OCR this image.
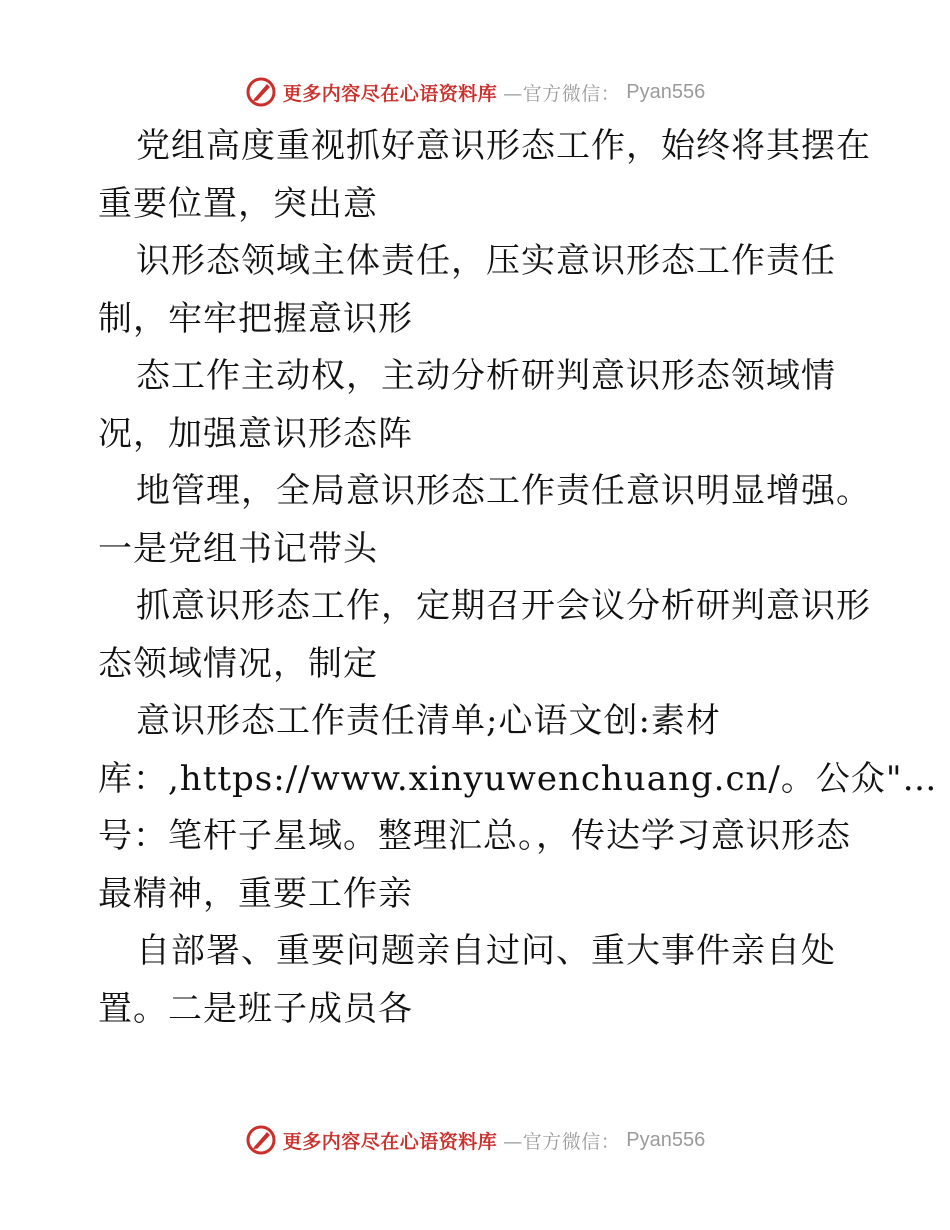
更多内容尽在心语资料库 —官方微信： Pyan556
党组高度重视抓好意识形态工作，始终将其摆在
重要位置，突出意
识形态领域主体责任，压实意识形态工作责任
制，牢牢把握意识形
态工作主动权，主动分析研判意识形态领域情
况，加强意识形态阵
地管理，全局意识形态工作责任意识明显增强。
一是党组书记带头
抓意识形态工作，定期召开会议分析研判意识形
态领域情况，制定
意识形态工作责任清单;心语文创:素材
库：,https://www.xinyuwenchuang.cn/。公众"…
号：笔杆子星域。整理汇总。，传达学习意识形态
最精神，重要工作亲
自部署、重要问题亲自过问、重大事件亲自处
置。二是班子成员各
更多内容尽在心语资料库 —官方微信： Pyan556
